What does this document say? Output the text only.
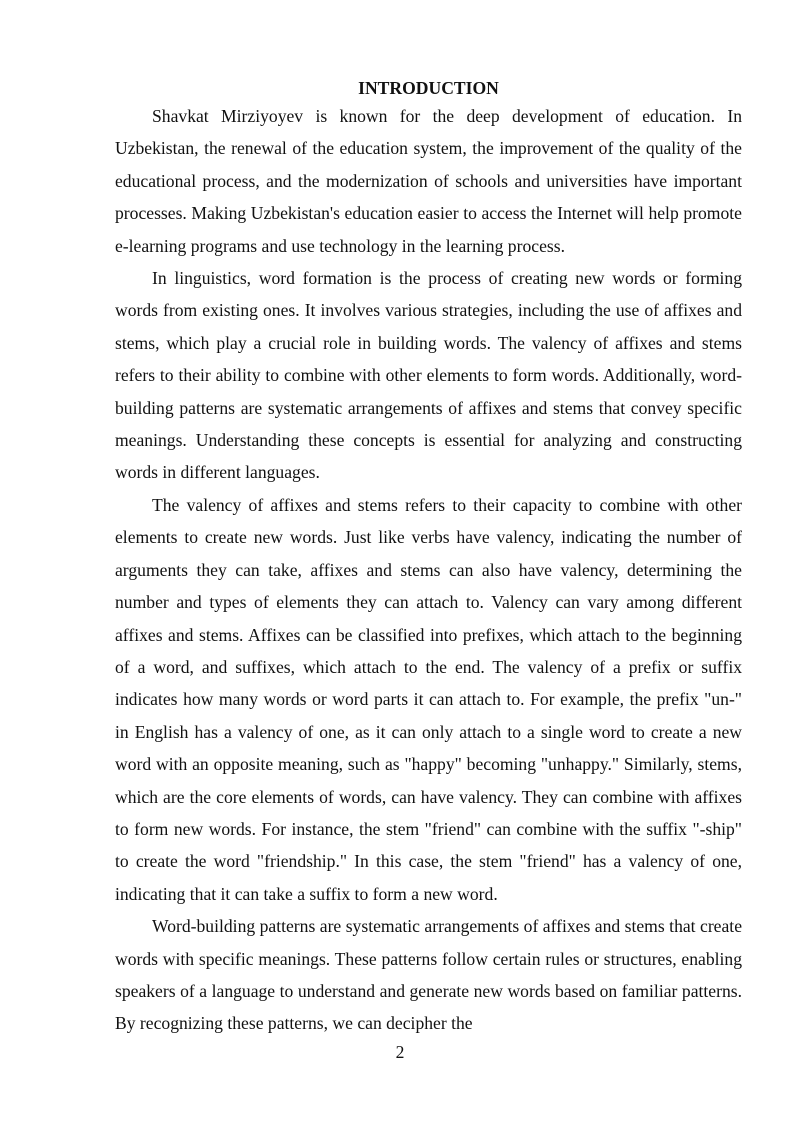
INTRODUCTION

Shavkat Mirziyoyev is known for the deep development of education. In Uzbekistan, the renewal of the education system, the improvement of the quality of the educational process, and the modernization of schools and universities have important processes. Making Uzbekistan's education easier to access the Internet will help promote e-learning programs and use technology in the learning process.

In linguistics, word formation is the process of creating new words or forming words from existing ones. It involves various strategies, including the use of affixes and stems, which play a crucial role in building words. The valency of affixes and stems refers to their ability to combine with other elements to form words. Additionally, word-building patterns are systematic arrangements of affixes and stems that convey specific meanings. Understanding these concepts is essential for analyzing and constructing words in different languages.

The valency of affixes and stems refers to their capacity to combine with other elements to create new words. Just like verbs have valency, indicating the number of arguments they can take, affixes and stems can also have valency, determining the number and types of elements they can attach to. Valency can vary among different affixes and stems. Affixes can be classified into prefixes, which attach to the beginning of a word, and suffixes, which attach to the end. The valency of a prefix or suffix indicates how many words or word parts it can attach to. For example, the prefix "un-" in English has a valency of one, as it can only attach to a single word to create a new word with an opposite meaning, such as "happy" becoming "unhappy." Similarly, stems, which are the core elements of words, can have valency. They can combine with affixes to form new words. For instance, the stem "friend" can combine with the suffix "-ship" to create the word "friendship." In this case, the stem "friend" has a valency of one, indicating that it can take a suffix to form a new word.

Word-building patterns are systematic arrangements of affixes and stems that create words with specific meanings. These patterns follow certain rules or structures, enabling speakers of a language to understand and generate new words based on familiar patterns. By recognizing these patterns, we can decipher the

2
